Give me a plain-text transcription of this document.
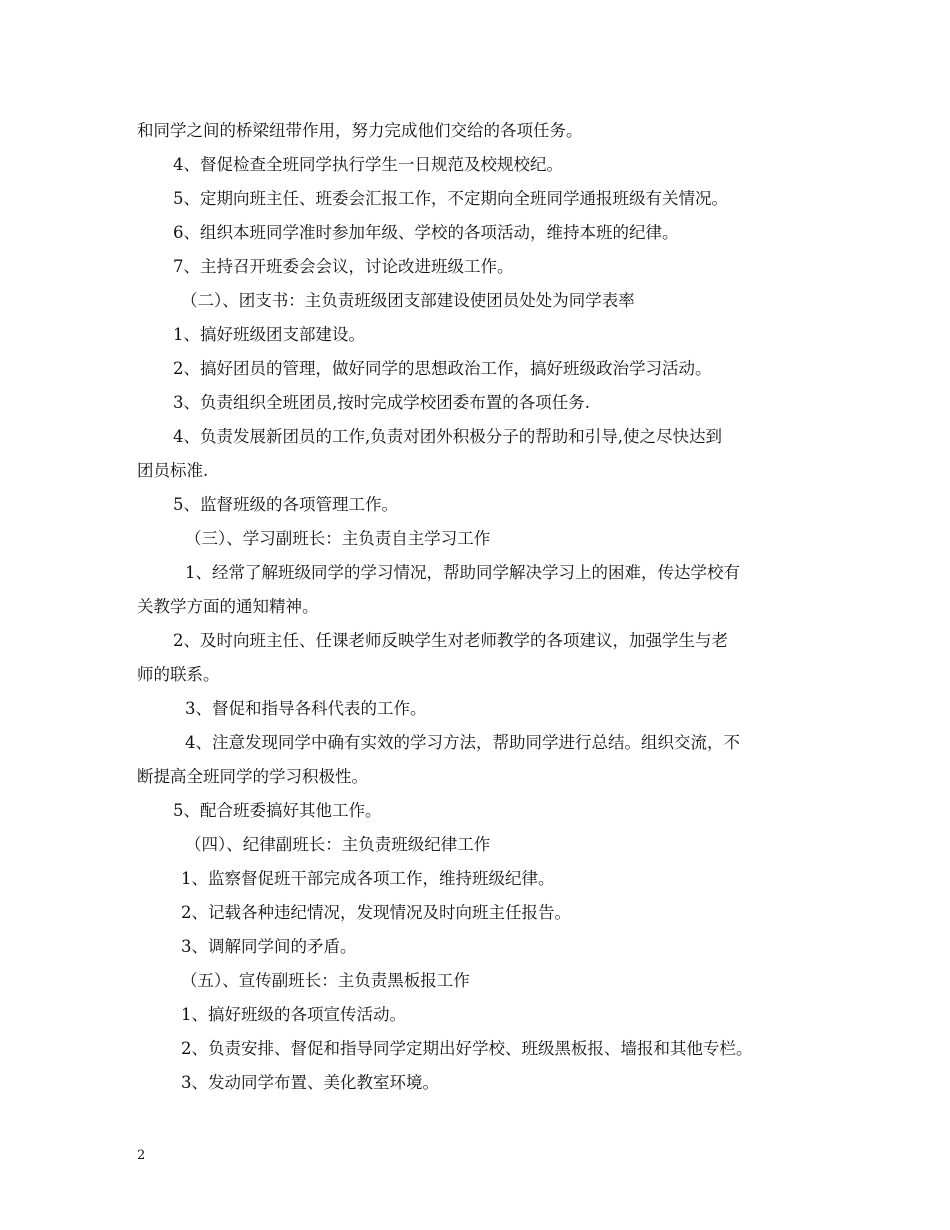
和同学之间的桥梁纽带作用，努力完成他们交给的各项任务。

4、督促检查全班同学执行学生一日规范及校规校纪。

5、定期向班主任、班委会汇报工作，不定期向全班同学通报班级有关情况。

6、组织本班同学准时参加年级、学校的各项活动，维持本班的纪律。

7、主持召开班委会会议，讨论改进班级工作。

（二）、团支书：主负责班级团支部建设使团员处处为同学表率

1、搞好班级团支部建设。

2、搞好团员的管理，做好同学的思想政治工作，搞好班级政治学习活动。

3、负责组织全班团员,按时完成学校团委布置的各项任务.

4、负责发展新团员的工作,负责对团外积极分子的帮助和引导,使之尽快达到

团员标准.

5、监督班级的各项管理工作。

（三）、学习副班长：主负责自主学习工作

1、经常了解班级同学的学习情况，帮助同学解决学习上的困难，传达学校有

关教学方面的通知精神。

2、及时向班主任、任课老师反映学生对老师教学的各项建议，加强学生与老

师的联系。

3、督促和指导各科代表的工作。

4、注意发现同学中确有实效的学习方法，帮助同学进行总结。组织交流，不

断提高全班同学的学习积极性。

5、配合班委搞好其他工作。

（四）、纪律副班长：主负责班级纪律工作

1、监察督促班干部完成各项工作，维持班级纪律。

2、记载各种违纪情况，发现情况及时向班主任报告。

3、调解同学间的矛盾。

（五）、宣传副班长：主负责黑板报工作

1、搞好班级的各项宣传活动。

2、负责安排、督促和指导同学定期出好学校、班级黑板报、墙报和其他专栏。

3、发动同学布置、美化教室环境。

2
